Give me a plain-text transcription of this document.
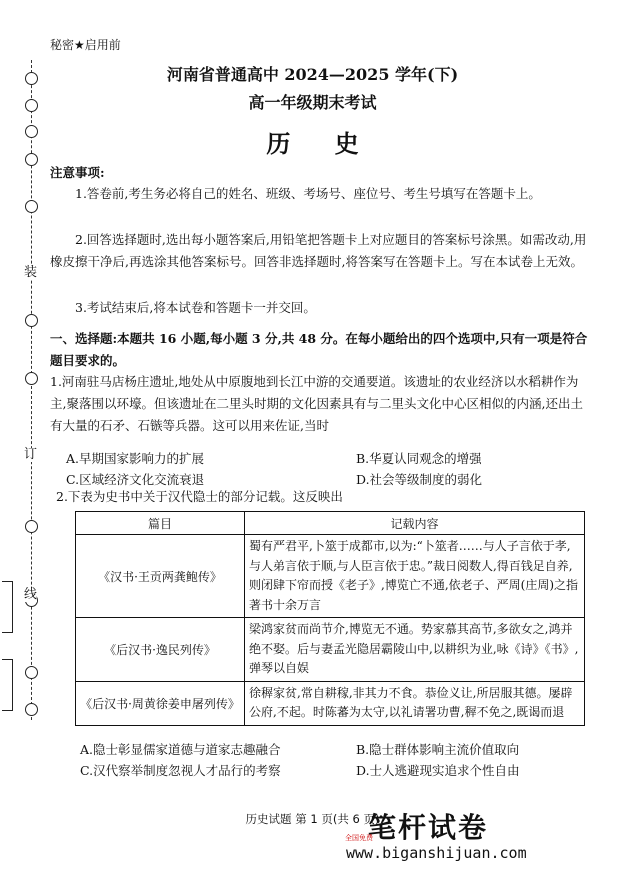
装
订
线
秘密★启用前
河南省普通高中 2024—2025 学年(下)
高一年级期末考试
历 史
注意事项:
1.答卷前,考生务必将自己的姓名、班级、考场号、座位号、考生号填写在答题卡上。
2.回答选择题时,选出每小题答案后,用铅笔把答题卡上对应题目的答案标号涂黑。如需改动,用橡皮擦干净后,再选涂其他答案标号。回答非选择题时,将答案写在答题卡上。写在本试卷上无效。
3.考试结束后,将本试卷和答题卡一并交回。
一、选择题:本题共 16 小题,每小题 3 分,共 48 分。在每小题给出的四个选项中,只有一项是符合题目要求的。
1.河南驻马店杨庄遗址,地处从中原腹地到长江中游的交通要道。该遗址的农业经济以水稻耕作为主,聚落围以环壕。但该遗址在二里头时期的文化因素具有与二里头文化中心区相似的内涵,还出土有大量的石矛、石镞等兵器。这可以用来佐证,当时
A.早期国家影响力的扩展	B.华夏认同观念的增强
C.区域经济文化交流衰退	D.社会等级制度的弱化
2.下表为史书中关于汉代隐士的部分记载。这反映出
篇目	记载内容
《汉书·王贡两龚鲍传》	蜀有严君平,卜筮于成都市,以为:“卜筮者……与人子言依于孝,与人弟言依于顺,与人臣言依于忠。”裁日阅数人,得百钱足自养,则闭肆下帘而授《老子》,博览亡不通,依老子、严周(庄周)之指著书十余万言
《后汉书·逸民列传》	梁鸿家贫而尚节介,博览无不通。势家慕其高节,多欲女之,鸿并绝不娶。后与妻孟光隐居霸陵山中,以耕织为业,咏《诗》《书》,弹琴以自娱
《后汉书·周黄徐姜申屠列传》	徐稺家贫,常自耕稼,非其力不食。恭俭义让,所居服其德。屡辟公府,不起。时陈蕃为太守,以礼请署功曹,稺不免之,既谒而退
A.隐士彰显儒家道德与道家志趣融合	B.隐士群体影响主流价值取向
C.汉代察举制度忽视人才品行的考察	D.士人逃避现实追求个性自由
历史试题 第 1 页(共 6 页)
笔杆试卷
全国免费
www.biganshijuan.com
